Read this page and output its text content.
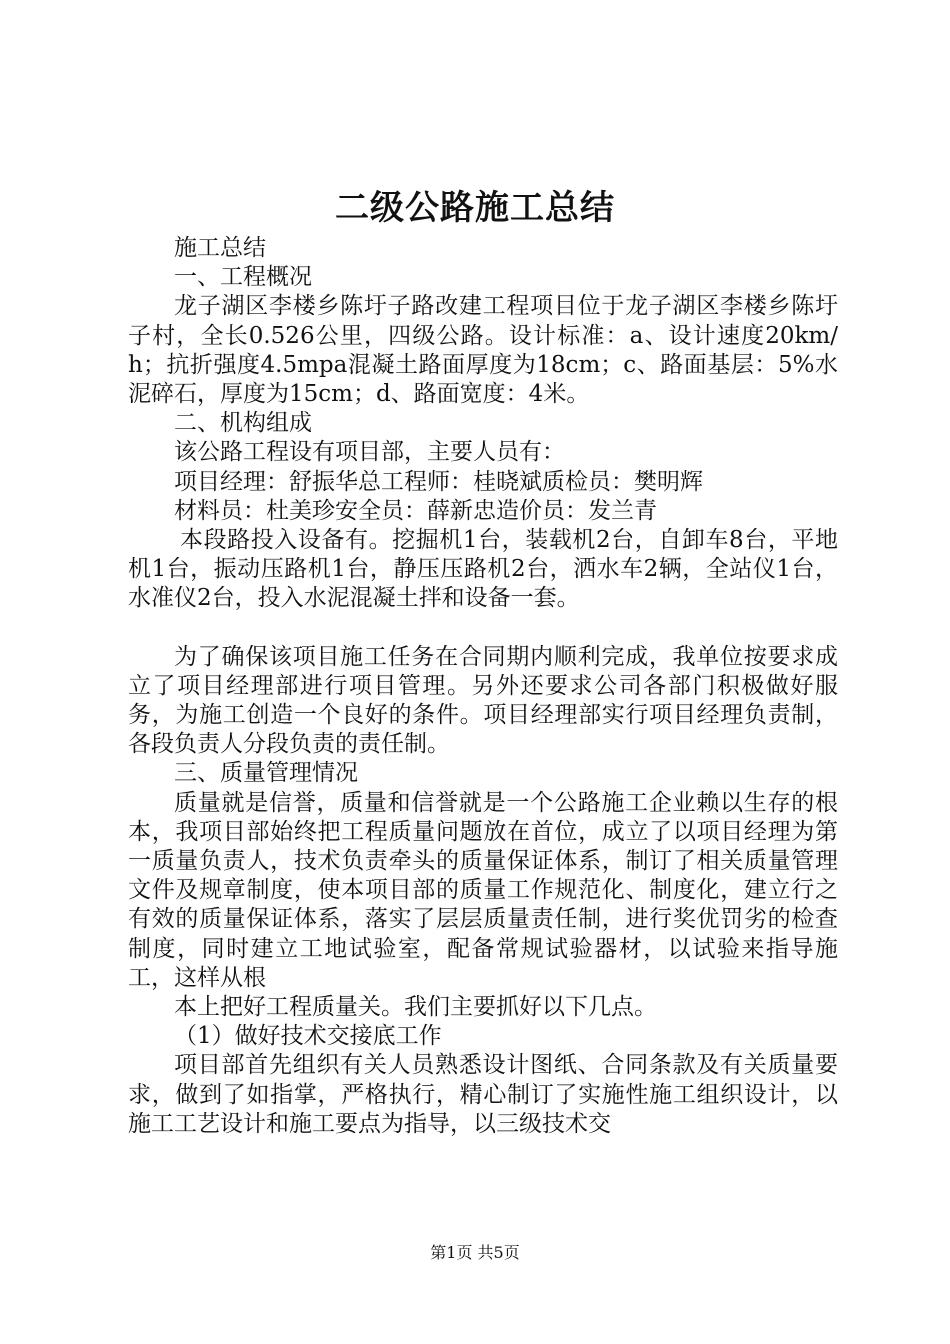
二级公路施工总结

施工总结

一、工程概况

龙子湖区李楼乡陈圩子路改建工程项目位于龙子湖区李楼乡陈圩子村，全长0.526公里，四级公路。设计标准：a、设计速度20km/h；抗折强度4.5mpa混凝土路面厚度为18cm；c、路面基层：5%水泥碎石，厚度为15cm；d、路面宽度：4米。

二、机构组成

该公路工程设有项目部，主要人员有：

项目经理：舒振华总工程师：桂晓斌质检员：樊明辉

材料员：杜美珍安全员：薛新忠造价员：发兰青

本段路投入设备有。挖掘机1台，装载机2台，自卸车8台，平地机1台，振动压路机1台，静压压路机2台，洒水车2辆，全站仪1台，水准仪2台，投入水泥混凝土拌和设备一套。

为了确保该项目施工任务在合同期内顺利完成，我单位按要求成立了项目经理部进行项目管理。另外还要求公司各部门积极做好服务，为施工创造一个良好的条件。项目经理部实行项目经理负责制，各段负责人分段负责的责任制。

三、质量管理情况

质量就是信誉，质量和信誉就是一个公路施工企业赖以生存的根本，我项目部始终把工程质量问题放在首位，成立了以项目经理为第一质量负责人，技术负责牵头的质量保证体系，制订了相关质量管理文件及规章制度，使本项目部的质量工作规范化、制度化，建立行之有效的质量保证体系，落实了层层质量责任制，进行奖优罚劣的检查制度，同时建立工地试验室，配备常规试验器材，以试验来指导施工，这样从根

本上把好工程质量关。我们主要抓好以下几点。

（1）做好技术交接底工作

项目部首先组织有关人员熟悉设计图纸、合同条款及有关质量要求，做到了如指掌，严格执行，精心制订了实施性施工组织设计，以施工工艺设计和施工要点为指导，以三级技术交

第1页 共5页
